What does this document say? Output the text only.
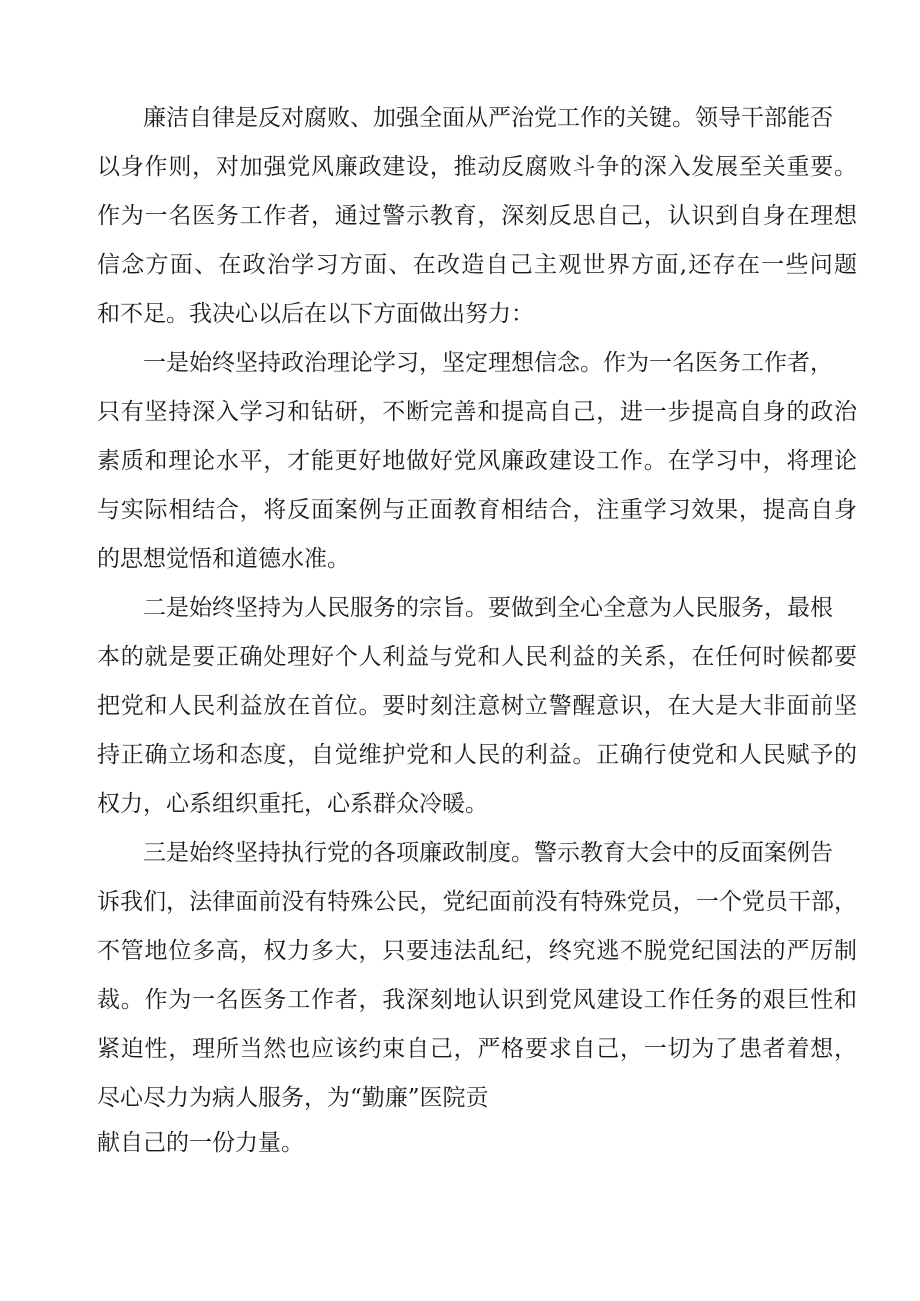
廉洁自律是反对腐败、加强全面从严治党工作的关键。领导干部能否
以身作则，对加强党风廉政建设，推动反腐败斗争的深入发展至关重要。
作为一名医务工作者，通过警示教育，深刻反思自己，认识到自身在理想
信念方面、在政治学习方面、在改造自己主观世界方面,还存在一些问题
和不足。我决心以后在以下方面做出努力：
一是始终坚持政治理论学习，坚定理想信念。作为一名医务工作者，
只有坚持深入学习和钻研，不断完善和提高自己，进一步提高自身的政治
素质和理论水平，才能更好地做好党风廉政建设工作。在学习中，将理论
与实际相结合，将反面案例与正面教育相结合，注重学习效果，提高自身
的思想觉悟和道德水准。
二是始终坚持为人民服务的宗旨。要做到全心全意为人民服务，最根
本的就是要正确处理好个人利益与党和人民利益的关系，在任何时候都要
把党和人民利益放在首位。要时刻注意树立警醒意识，在大是大非面前坚
持正确立场和态度，自觉维护党和人民的利益。正确行使党和人民赋予的
权力，心系组织重托，心系群众冷暖。
三是始终坚持执行党的各项廉政制度。警示教育大会中的反面案例告
诉我们，法律面前没有特殊公民，党纪面前没有特殊党员，一个党员干部，
不管地位多高，权力多大，只要违法乱纪，终究逃不脱党纪国法的严厉制
裁。作为一名医务工作者，我深刻地认识到党风建设工作任务的艰巨性和
紧迫性，理所当然也应该约束自己，严格要求自己，一切为了患者着想，
尽心尽力为病人服务，为“勤廉”医院贡
献自己的一份力量。
